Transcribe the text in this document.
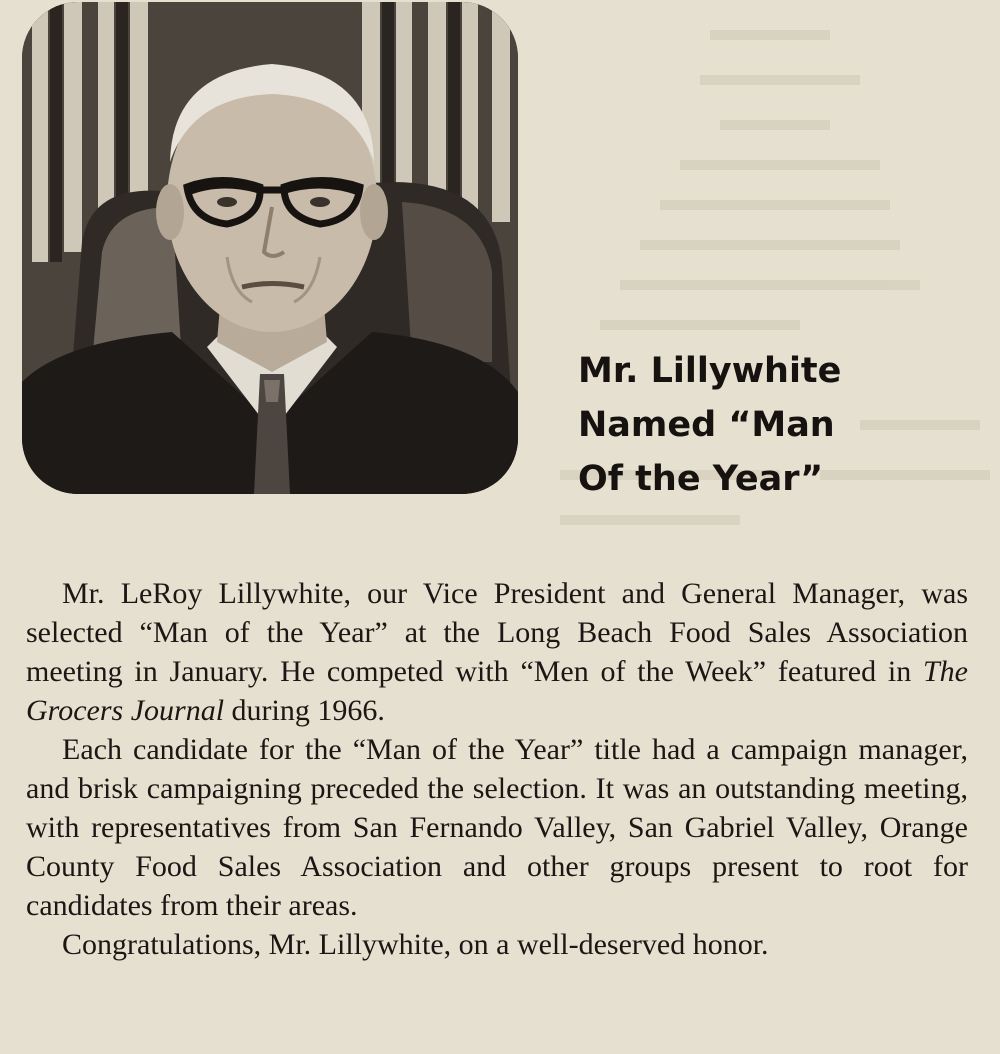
Mr. Lillywhite
Named “Man
Of the Year”

Mr. LeRoy Lillywhite, our Vice President and General Manager, was selected “Man of the Year” at the Long Beach Food Sales Association meeting in January. He competed with “Men of the Week” featured in The Grocers Journal during 1966.

Each candidate for the “Man of the Year” title had a campaign manager, and brisk campaigning preceded the selection. It was an outstanding meeting, with representatives from San Fernando Valley, San Gabriel Valley, Orange County Food Sales Association and other groups present to root for candidates from their areas.

Congratulations, Mr. Lillywhite, on a well-deserved honor.
